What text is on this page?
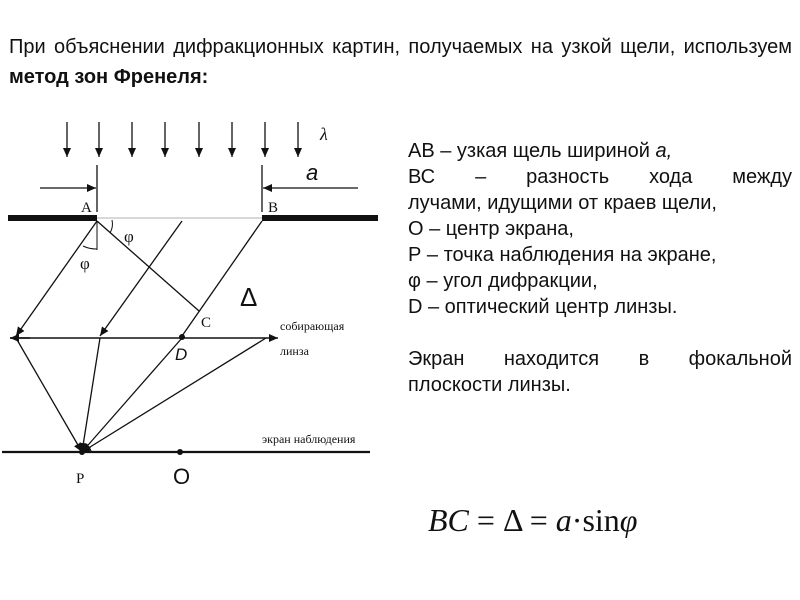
При объяснении дифракционных картин, получаемых на узкой щели, используем метод зон Френеля:

λ
a
A	B
φ
φ
C
Δ
D
собирающая
линза
экран наблюдения
P	O
АВ – узкая щель шириной а,
ВС – разность хода между
лучами, идущими от краев щели,
О – центр экрана,
Р – точка наблюдения на экране,
φ – угол дифракции,
D – оптический центр линзы.
Экран находится в фокальной
плоскости линзы.
BC = Δ = a·sinφ
